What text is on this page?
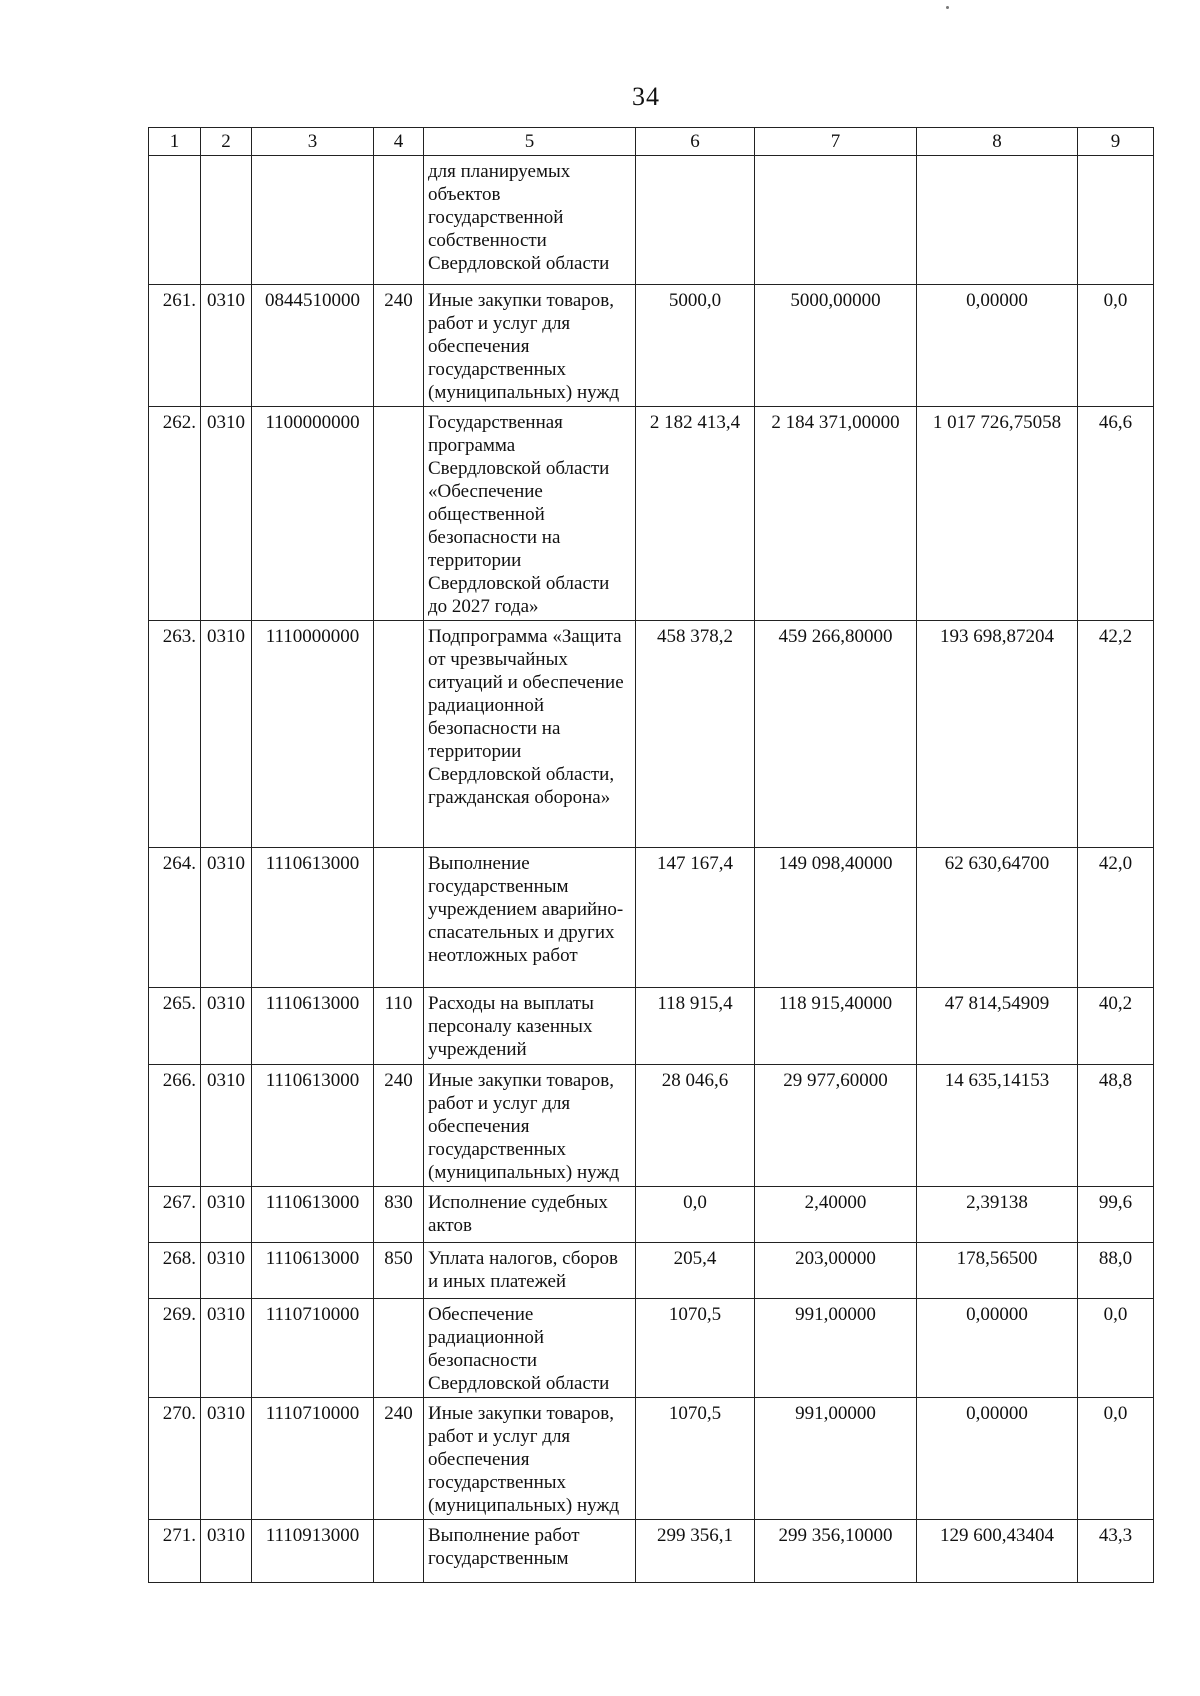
34
1	2	3	4	5	6	7	8	9
				для планируемых объектов государственной собственности Свердловской области				
261.	0310	0844510000	240	Иные закупки товаров, работ и услуг для обеспечения государственных (муниципальных) нужд	5000,0	5000,00000	0,00000	0,0
262.	0310	1100000000		Государственная программа Свердловской области «Обеспечение общественной безопасности на территории Свердловской области до 2027 года»	2 182 413,4	2 184 371,00000	1 017 726,75058	46,6
263.	0310	1110000000		Подпрограмма «Защита от чрезвычайных ситуаций и обеспечение радиационной безопасности на территории Свердловской области, гражданская оборона»	458 378,2	459 266,80000	193 698,87204	42,2
264.	0310	1110613000		Выполнение государственным учреждением аварийно-спасательных и других неотложных работ	147 167,4	149 098,40000	62 630,64700	42,0
265.	0310	1110613000	110	Расходы на выплаты персоналу казенных учреждений	118 915,4	118 915,40000	47 814,54909	40,2
266.	0310	1110613000	240	Иные закупки товаров, работ и услуг для обеспечения государственных (муниципальных) нужд	28 046,6	29 977,60000	14 635,14153	48,8
267.	0310	1110613000	830	Исполнение судебных актов	0,0	2,40000	2,39138	99,6
268.	0310	1110613000	850	Уплата налогов, сборов и иных платежей	205,4	203,00000	178,56500	88,0
269.	0310	1110710000		Обеспечение радиационной безопасности Свердловской области	1070,5	991,00000	0,00000	0,0
270.	0310	1110710000	240	Иные закупки товаров, работ и услуг для обеспечения государственных (муниципальных) нужд	1070,5	991,00000	0,00000	0,0
271.	0310	1110913000		Выполнение работ государственным	299 356,1	299 356,10000	129 600,43404	43,3
